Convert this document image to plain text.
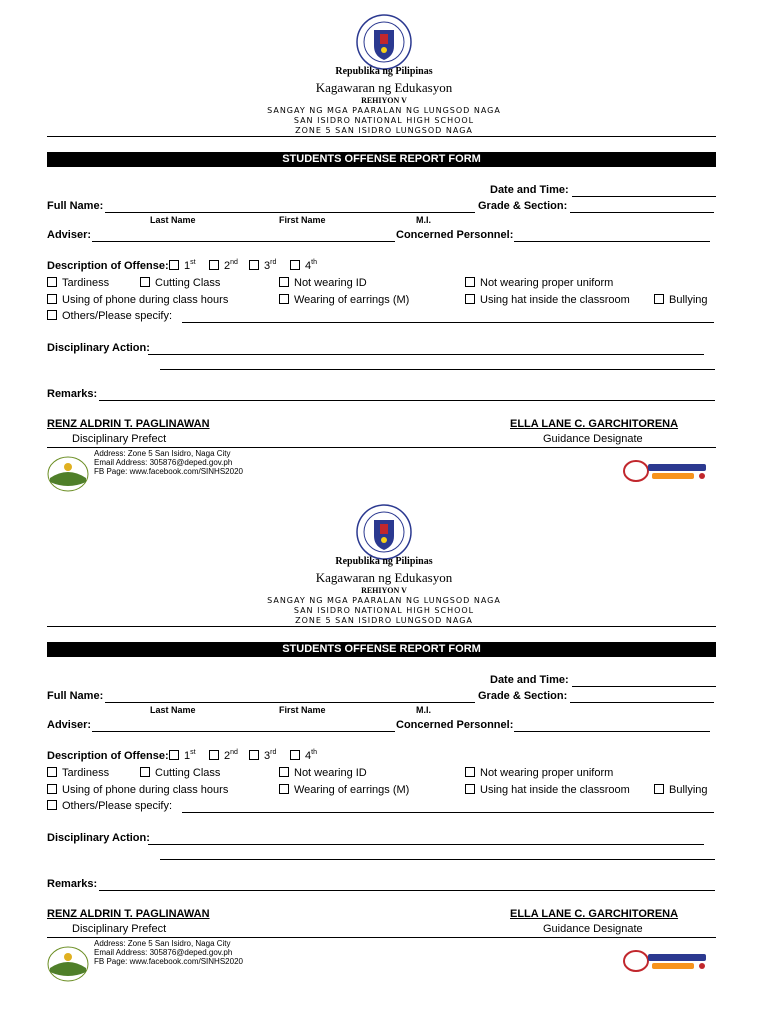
Republika ng Pilipinas
Kagawaran ng Edukasyon
REHIYON V
SANGAY NG MGA PAARALAN NG LUNGSOD NAGA
SAN ISIDRO NATIONAL HIGH SCHOOL
ZONE 5 SAN ISIDRO LUNGSOD NAGA
STUDENTS OFFENSE REPORT FORM
Date and Time:
Full Name:	Grade & Section:
Last Name	First Name	M.I.
Adviser:	Concerned Personnel:
Description of Offense:	1st	2nd	3rd	4th
Tardiness	Cutting Class	Not wearing ID	Not wearing proper uniform
Using of phone during class hours	Wearing of earrings (M)	Using hat inside the classroom	Bullying
Others/Please specify:
Disciplinary Action:
Remarks:
RENZ ALDRIN T. PAGLINAWAN
Disciplinary Prefect
ELLA LANE C. GARCHITORENA
Guidance Designate
Address: Zone 5 San Isidro, Naga City
Email Address: 305876@deped.gov.ph
FB Page: www.facebook.com/SINHS2020
Republika ng Pilipinas
Kagawaran ng Edukasyon
REHIYON V
SANGAY NG MGA PAARALAN NG LUNGSOD NAGA
SAN ISIDRO NATIONAL HIGH SCHOOL
ZONE 5 SAN ISIDRO LUNGSOD NAGA
STUDENTS OFFENSE REPORT FORM
Date and Time:
Full Name:	Grade & Section:
Last Name	First Name	M.I.
Adviser:	Concerned Personnel:
Description of Offense:	1st	2nd	3rd	4th
Tardiness	Cutting Class	Not wearing ID	Not wearing proper uniform
Using of phone during class hours	Wearing of earrings (M)	Using hat inside the classroom	Bullying
Others/Please specify:
Disciplinary Action:
Remarks:
RENZ ALDRIN T. PAGLINAWAN
Disciplinary Prefect
ELLA LANE C. GARCHITORENA
Guidance Designate
Address: Zone 5 San Isidro, Naga City
Email Address: 305876@deped.gov.ph
FB Page: www.facebook.com/SINHS2020
